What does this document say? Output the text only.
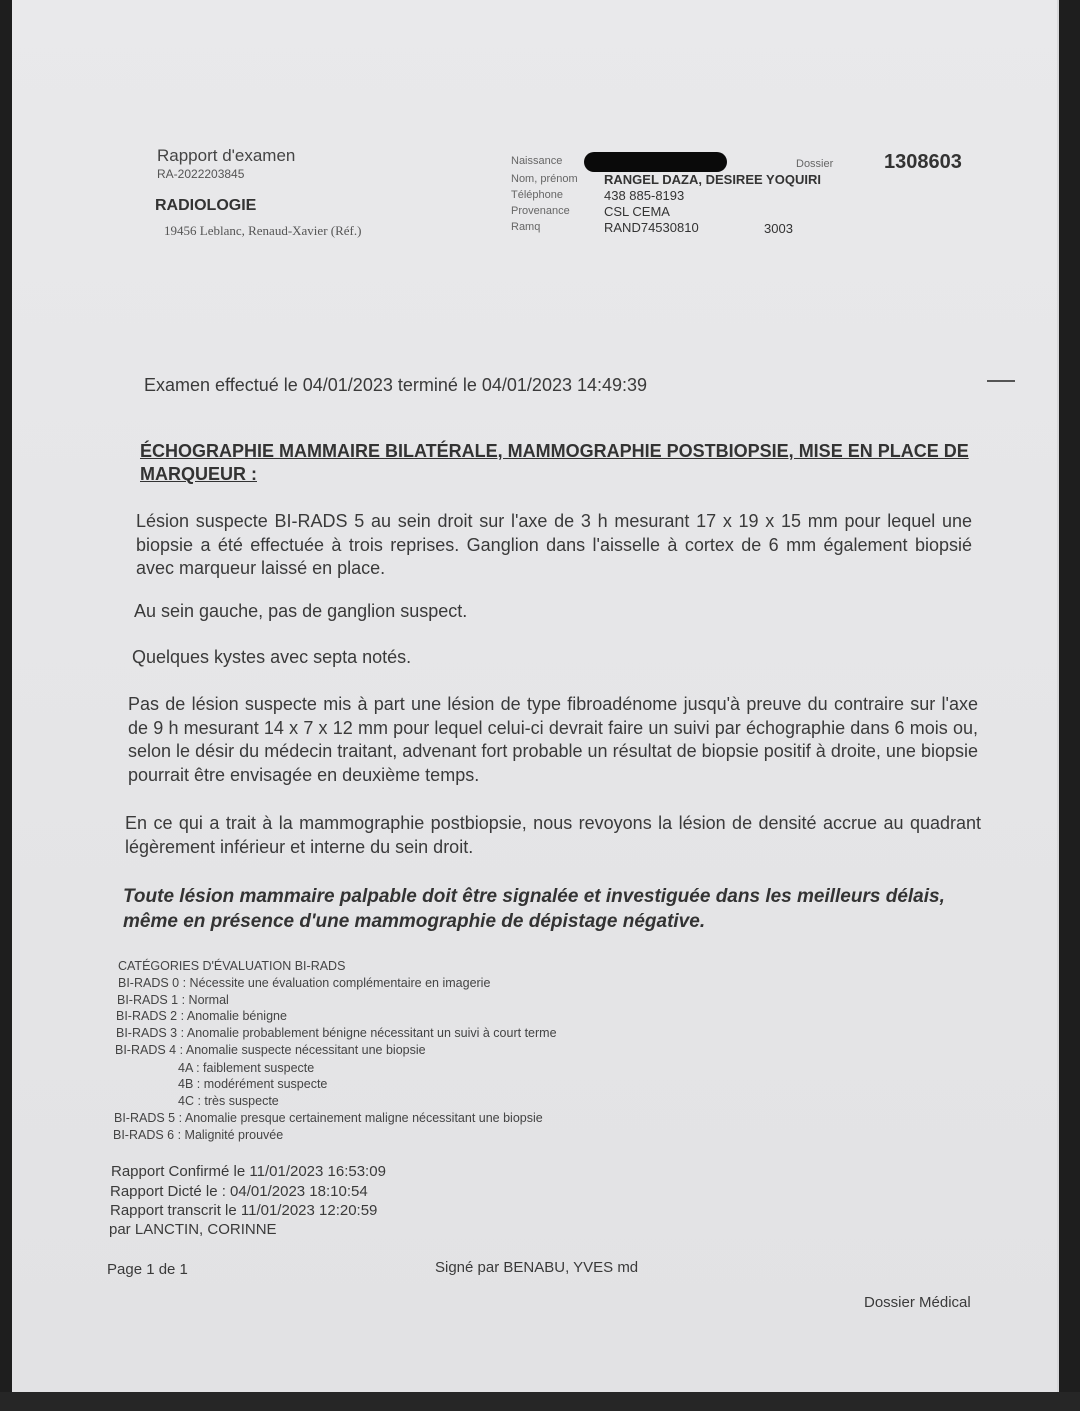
Rapport d'examen
RA-2022203845
RADIOLOGIE
19456 Leblanc, Renaud-Xavier (Réf.)
Naissance	Dossier	1308603
Nom, prénom RANGEL DAZA, DESIREE YOQUIRI
Téléphone	438 885-8193
Provenance	CSL CEMA
Ramq	RAND74530810	3003
Examen effectué le 04/01/2023 terminé le 04/01/2023 14:49:39
ÉCHOGRAPHIE MAMMAIRE BILATÉRALE, MAMMOGRAPHIE POSTBIOPSIE, MISE EN PLACE DE MARQUEUR :
Lésion suspecte BI-RADS 5 au sein droit sur l'axe de 3 h mesurant 17 x 19 x 15 mm pour lequel une biopsie a été effectuée à trois reprises. Ganglion dans l'aisselle à cortex de 6 mm également biopsié avec marqueur laissé en place.
Au sein gauche, pas de ganglion suspect.
Quelques kystes avec septa notés.
Pas de lésion suspecte mis à part une lésion de type fibroadénome jusqu'à preuve du contraire sur l'axe de 9 h mesurant 14 x 7 x 12 mm pour lequel celui-ci devrait faire un suivi par échographie dans 6 mois ou, selon le désir du médecin traitant, advenant fort probable un résultat de biopsie positif à droite, une biopsie pourrait être envisagée en deuxième temps.
En ce qui a trait à la mammographie postbiopsie, nous revoyons la lésion de densité accrue au quadrant légèrement inférieur et interne du sein droit.
Toute lésion mammaire palpable doit être signalée et investiguée dans les meilleurs délais, même en présence d'une mammographie de dépistage négative.
CATÉGORIES D'ÉVALUATION BI-RADS
BI-RADS 0 : Nécessite une évaluation complémentaire en imagerie
BI-RADS 1 : Normal
BI-RADS 2 : Anomalie bénigne
BI-RADS 3 : Anomalie probablement bénigne nécessitant un suivi à court terme
BI-RADS 4 : Anomalie suspecte nécessitant une biopsie
4A : faiblement suspecte
4B : modérément suspecte
4C : très suspecte
BI-RADS 5 : Anomalie presque certainement maligne nécessitant une biopsie
BI-RADS 6 : Malignité prouvée
Rapport Confirmé le 11/01/2023 16:53:09
Rapport Dicté le : 04/01/2023 18:10:54
Rapport transcrit le 11/01/2023 12:20:59
par LANCTIN, CORINNE
Page 1 de 1	Signé par BENABU, YVES md
Dossier Médical
